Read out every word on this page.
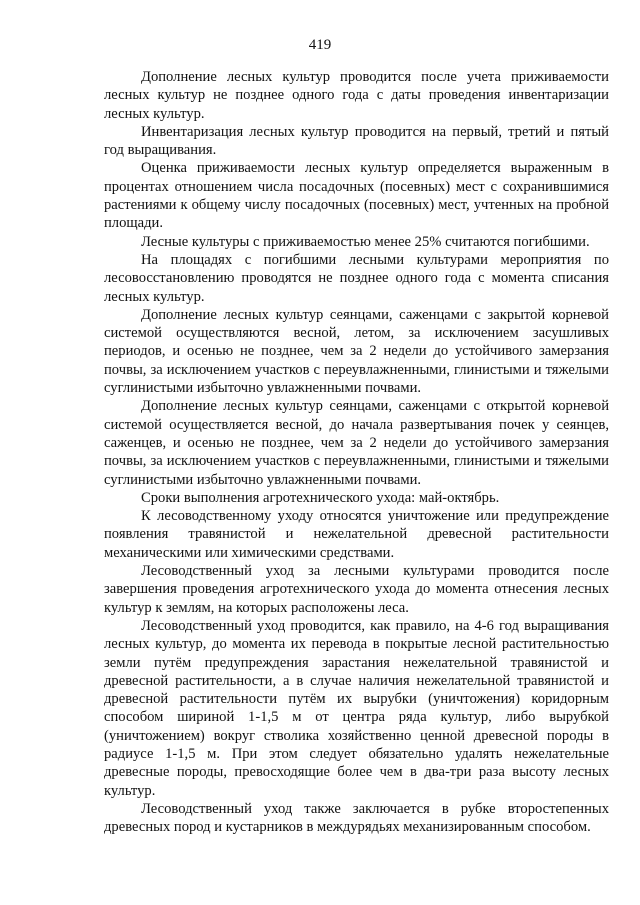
419

Дополнение лесных культур проводится после учета приживаемости лесных культур не позднее одного года с даты проведения инвентаризации лесных культур.

Инвентаризация лесных культур проводится на первый, третий и пятый год выращивания.

Оценка приживаемости лесных культур определяется выраженным в процентах отношением числа посадочных (посевных) мест с сохранившимися растениями к общему числу посадочных (посевных) мест, учтенных на пробной площади.

Лесные культуры с приживаемостью менее 25% считаются погибшими.

На площадях с погибшими лесными культурами мероприятия по лесовосстановлению проводятся не позднее одного года с момента списания лесных культур.

Дополнение лесных культур сеянцами, саженцами с закрытой корневой системой осуществляются весной, летом, за исключением засушливых периодов, и осенью не позднее, чем за 2 недели до устойчивого замерзания почвы, за исключением участков с переувлажненными, глинистыми и тяжелыми суглинистыми избыточно увлажненными почвами.

Дополнение лесных культур сеянцами, саженцами с открытой корневой системой осуществляется весной, до начала развертывания почек у сеянцев, саженцев, и осенью не позднее, чем за 2 недели до устойчивого замерзания почвы, за исключением участков с переувлажненными, глинистыми и тяжелыми суглинистыми избыточно увлажненными почвами.

Сроки выполнения агротехнического ухода: май-октябрь.

К лесоводственному уходу относятся уничтожение или предупреждение появления травянистой и нежелательной древесной растительности механическими или химическими средствами.

Лесоводственный уход за лесными культурами проводится после завершения проведения агротехнического ухода до момента отнесения лесных культур к землям, на которых расположены леса.

Лесоводственный уход проводится, как правило, на 4-6 год выращивания лесных культур, до момента их перевода в покрытые лесной растительностью земли путём предупреждения зарастания нежелательной травянистой и древесной растительности, а в случае наличия нежелательной травянистой и древесной растительности путём их вырубки (уничтожения) коридорным способом шириной 1-1,5 м от центра ряда культур, либо вырубкой (уничтожением) вокруг стволика хозяйственно ценной древесной породы в радиусе 1-1,5 м. При этом следует обязательно удалять нежелательные древесные породы, превосходящие более чем в два-три раза высоту лесных культур.

Лесоводственный уход также заключается в рубке второстепенных древесных пород и кустарников в междурядьях механизированным способом.
